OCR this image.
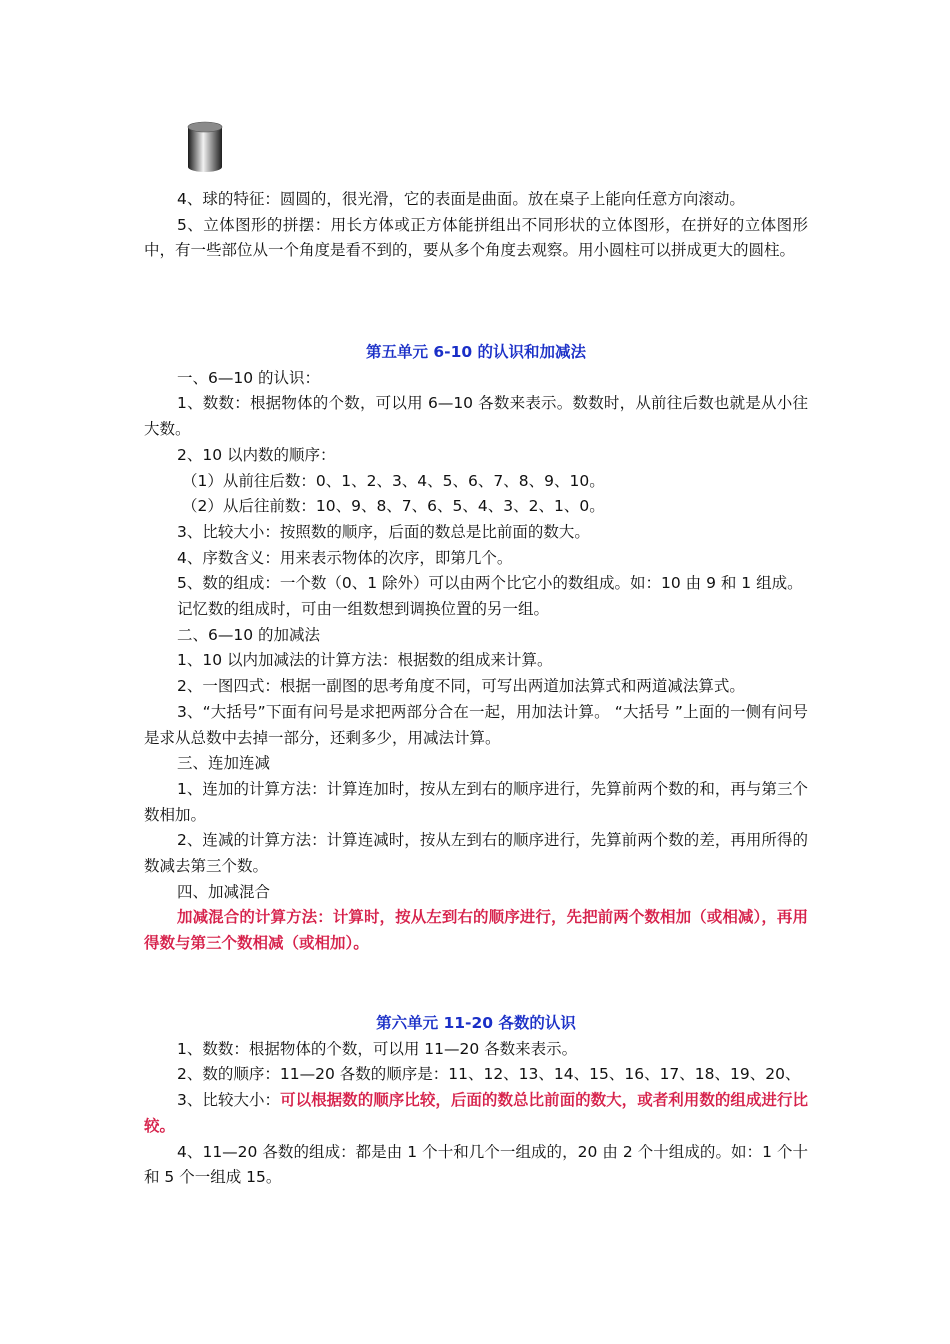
4、球的特征：圆圆的，很光滑，它的表面是曲面。放在桌子上能向任意方向滚动。

5、立体图形的拼摆：用长方体或正方体能拼组出不同形状的立体图形，在拼好的立体图形中，有一些部位从一个角度是看不到的，要从多个角度去观察。用小圆柱可以拼成更大的圆柱。

第五单元 6-10 的认识和加减法

一、6—10 的认识：

1、数数：根据物体的个数，可以用 6—10 各数来表示。数数时，从前往后数也就是从小往大数。

2、10 以内数的顺序：

（1）从前往后数：0、1、2、3、4、5、6、7、8、9、10。

（2）从后往前数：10、9、8、7、6、5、4、3、2、1、0。

3、比较大小：按照数的顺序，后面的数总是比前面的数大。

4、序数含义：用来表示物体的次序，即第几个。

5、数的组成：一个数（0、1 除外）可以由两个比它小的数组成。如：10 由 9 和 1 组成。

记忆数的组成时，可由一组数想到调换位置的另一组。

二、6—10 的加减法

1、10 以内加减法的计算方法：根据数的组成来计算。

2、一图四式：根据一副图的思考角度不同，可写出两道加法算式和两道减法算式。

3、“大括号”下面有问号是求把两部分合在一起，用加法计算。 “大括号 ”上面的一侧有问号是求从总数中去掉一部分，还剩多少，用减法计算。

三、连加连减

1、连加的计算方法：计算连加时，按从左到右的顺序进行，先算前两个数的和，再与第三个数相加。

2、连减的计算方法：计算连减时，按从左到右的顺序进行，先算前两个数的差，再用所得的数减去第三个数。

四、加减混合

加减混合的计算方法：计算时，按从左到右的顺序进行，先把前两个数相加（或相减），再用得数与第三个数相减（或相加）。

第六单元 11-20 各数的认识

1、数数：根据物体的个数，可以用 11—20 各数来表示。

2、数的顺序：11—20 各数的顺序是：11、12、13、14、15、16、17、18、19、20、

3、比较大小：可以根据数的顺序比较，后面的数总比前面的数大，或者利用数的组成进行比较。

4、11—20 各数的组成：都是由 1 个十和几个一组成的，20 由 2 个十组成的。如：1 个十和 5 个一组成 15。
